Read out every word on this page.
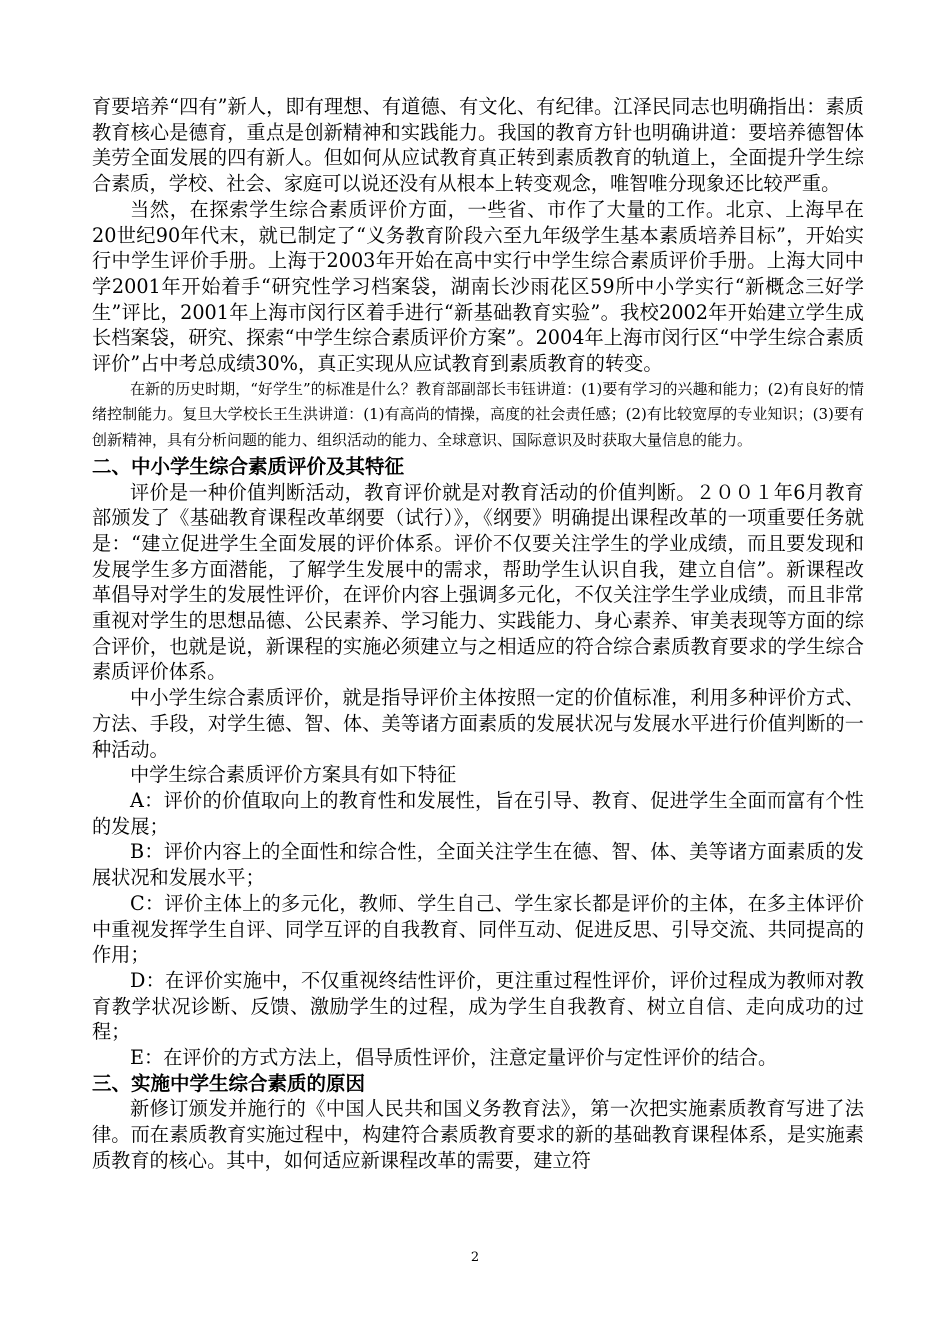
育要培养“四有”新人，即有理想、有道德、有文化、有纪律。江泽民同志也明确指出：素质教育核心是德育，重点是创新精神和实践能力。我国的教育方针也明确讲道：要培养德智体美劳全面发展的四有新人。但如何从应试教育真正转到素质教育的轨道上，全面提升学生综合素质，学校、社会、家庭可以说还没有从根本上转变观念，唯智唯分现象还比较严重。

当然，在探索学生综合素质评价方面，一些省、市作了大量的工作。北京、上海早在20世纪90年代末，就已制定了“义务教育阶段六至九年级学生基本素质培养目标”，开始实行中学生评价手册。上海于2003年开始在高中实行中学生综合素质评价手册。上海大同中学2001年开始着手“研究性学习档案袋，湖南长沙雨花区59所中小学实行“新概念三好学生”评比，2001年上海市闵行区着手进行“新基础教育实验”。我校2002年开始建立学生成长档案袋，研究、探索“中学生综合素质评价方案”。2004年上海市闵行区“中学生综合素质评价”占中考总成绩30%，真正实现从应试教育到素质教育的转变。

在新的历史时期，“好学生”的标准是什么？教育部副部长韦钰讲道：(1)要有学习的兴趣和能力；(2)有良好的情绪控制能力。复旦大学校长王生洪讲道：(1)有高尚的情操，高度的社会责任感；(2)有比较宽厚的专业知识；(3)要有创新精神，具有分析问题的能力、组织活动的能力、全球意识、国际意识及时获取大量信息的能力。

二、中小学生综合素质评价及其特征

评价是一种价值判断活动，教育评价就是对教育活动的价值判断。２００１年6月教育部颁发了《基础教育课程改革纲要（试行）》，《纲要》明确提出课程改革的一项重要任务就是：“建立促进学生全面发展的评价体系。评价不仅要关注学生的学业成绩，而且要发现和发展学生多方面潜能，了解学生发展中的需求，帮助学生认识自我，建立自信”。新课程改革倡导对学生的发展性评价，在评价内容上强调多元化，不仅关注学生学业成绩，而且非常重视对学生的思想品德、公民素养、学习能力、实践能力、身心素养、审美表现等方面的综合评价，也就是说，新课程的实施必须建立与之相适应的符合综合素质教育要求的学生综合素质评价体系。

中小学生综合素质评价，就是指导评价主体按照一定的价值标准，利用多种评价方式、方法、手段，对学生德、智、体、美等诸方面素质的发展状况与发展水平进行价值判断的一种活动。

中学生综合素质评价方案具有如下特征

A：评价的价值取向上的教育性和发展性，旨在引导、教育、促进学生全面而富有个性的发展；

B：评价内容上的全面性和综合性，全面关注学生在德、智、体、美等诸方面素质的发展状况和发展水平；

C：评价主体上的多元化，教师、学生自己、学生家长都是评价的主体，在多主体评价中重视发挥学生自评、同学互评的自我教育、同伴互动、促进反思、引导交流、共同提高的作用；

D：在评价实施中，不仅重视终结性评价，更注重过程性评价，评价过程成为教师对教育教学状况诊断、反馈、激励学生的过程，成为学生自我教育、树立自信、走向成功的过程；

E：在评价的方式方法上，倡导质性评价，注意定量评价与定性评价的结合。

三、实施中学生综合素质的原因

新修订颁发并施行的《中国人民共和国义务教育法》，第一次把实施素质教育写进了法律。而在素质教育实施过程中，构建符合素质教育要求的新的基础教育课程体系，是实施素质教育的核心。其中，如何适应新课程改革的需要，建立符

2
